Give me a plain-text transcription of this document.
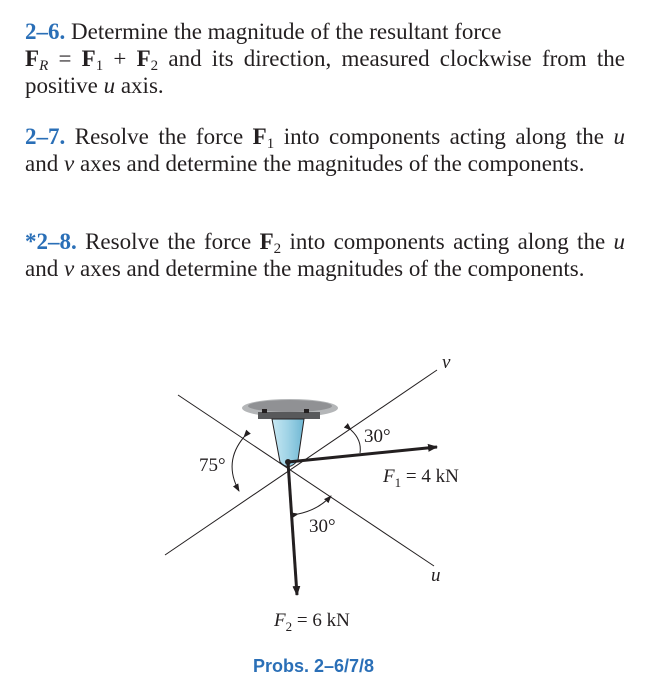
2–6. Determine the magnitude of the resultant force
$F_R = F_1 + F_2$ and its direction, measured clockwise from the positive u axis.
2–7. Resolve the force $F_1$ into components acting along the u and v axes and determine the magnitudes of the components.
*2–8. Resolve the force $F_2$ into components acting along the u and v axes and determine the magnitudes of the components.
v
u
75°
30°
30°
$F_1 = 4$ kN
$F_2 = 6$ kN
Probs. 2–6/7/8
